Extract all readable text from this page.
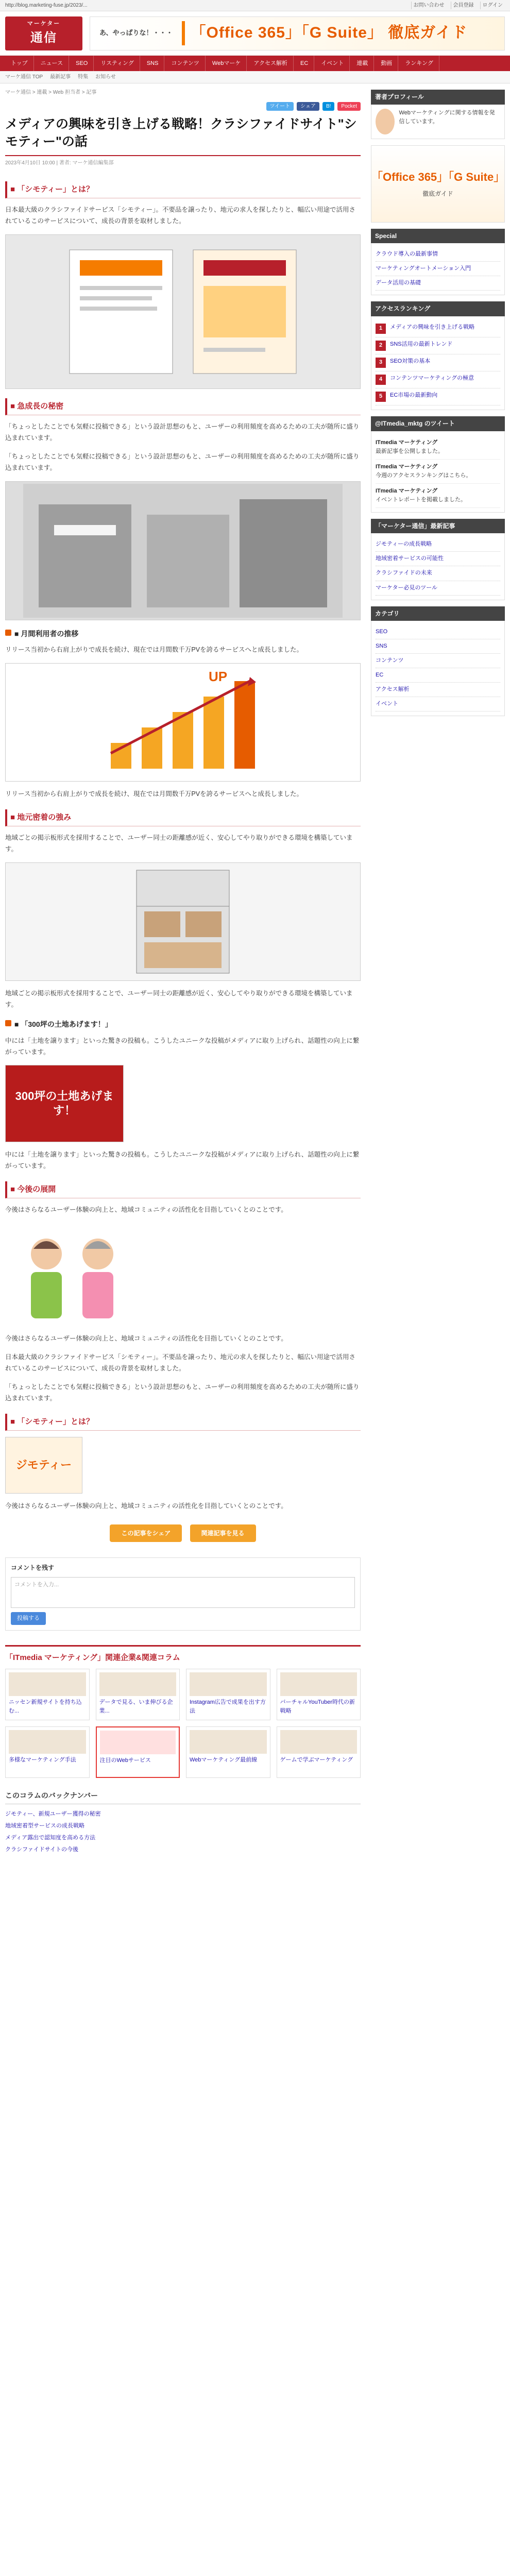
http://blog.marketing-fuse.jp/2023/...	お問い合わせ	会員登録	ログイン
マーケター
通信	あ、やっぱりな！・・・	「Office 365」「G Suite」 徹底ガイド
トップ	ニュース	SEO	リスティング	SNS	コンテンツ	Webマーケ	アクセス解析	EC	イベント	連載	動画	ランキング
マーケ通信 TOP 最新記事 特集 お知らせ
マーケ通信 > 連載 > Web 担当者 > 記事
ツイート	シェア	B!	Pocket
メディアの興味を引き上げる戦略！クラシファイドサイト"シモティー"の話
2023年4月10日 10:00 | 著者: マーケ通信編集部
■ 「シモティー」とは？

日本最大級のクラシファイドサービス「シモティー」。不要品を譲ったり、地元の求人を探したりと、幅広い用途で活用されているこのサービスについて、成長の背景を取材しました。

■ 急成長の秘密

「ちょっとしたことでも気軽に投稿できる」という設計思想のもと、ユーザーの利用頻度を高めるための工夫が随所に盛り込まれています。

「ちょっとしたことでも気軽に投稿できる」という設計思想のもと、ユーザーの利用頻度を高めるための工夫が随所に盛り込まれています。

■ 月間利用者の推移

リリース当初から右肩上がりで成長を続け、現在では月間数千万PVを誇るサービスへと成長しました。

UP

リリース当初から右肩上がりで成長を続け、現在では月間数千万PVを誇るサービスへと成長しました。

■ 地元密着の強み

地域ごとの掲示板形式を採用することで、ユーザー同士の距離感が近く、安心してやり取りができる環境を構築しています。

地域ごとの掲示板形式を採用することで、ユーザー同士の距離感が近く、安心してやり取りができる環境を構築しています。

■ 「300坪の土地あげます！」

中には「土地を譲ります」といった驚きの投稿も。こうしたユニークな投稿がメディアに取り上げられ、話題性の向上に繋がっています。

300坪の土地あげます！

中には「土地を譲ります」といった驚きの投稿も。こうしたユニークな投稿がメディアに取り上げられ、話題性の向上に繋がっています。

■ 今後の展開

今後はさらなるユーザー体験の向上と、地域コミュニティの活性化を目指していくとのことです。

今後はさらなるユーザー体験の向上と、地域コミュニティの活性化を目指していくとのことです。

日本最大級のクラシファイドサービス「シモティー」。不要品を譲ったり、地元の求人を探したりと、幅広い用途で活用されているこのサービスについて、成長の背景を取材しました。

「ちょっとしたことでも気軽に投稿できる」という設計思想のもと、ユーザーの利用頻度を高めるための工夫が随所に盛り込まれています。

■ 「シモティー」とは？
ジモティー

今後はさらなるユーザー体験の向上と、地域コミュニティの活性化を目指していくとのことです。

この記事をシェア	関連記事を見る
コメントを残す
コメントを入力...
投稿する
「ITmedia マーケティング」関連企業&関連コラム
ニッセン新規サイトを持ち込む...
データで見る、いま伸びる企業...
Instagram広告で成果を出す方法
バーチャルYouTuber時代の新戦略
多様なマーケティング手法	注目のWebサービス	Webマーケティング最前線	ゲームで学ぶマーケティング
このコラムのバックナンバー
ジモティー、新規ユーザー獲得の秘密
地域密着型サービスの成長戦略
メディア露出で認知度を高める方法
クラシファイドサイトの今後
著者プロフィール
Webマーケティングに関する情報を発信しています。
「Office 365」「G Suite」
徹底ガイド
Special
クラウド導入の最新事情
マーケティングオートメーション入門
データ活用の基礎
アクセスランキング
1	メディアの興味を引き上げる戦略
2	SNS活用の最新トレンド
3	SEO対策の基本
4	コンテンツマーケティングの極意
5	EC市場の最新動向
@ITmedia_mktg のツイート
ITmedia マーケティング
最新記事を公開しました。
ITmedia マーケティング
今週のアクセスランキングはこちら。
ITmedia マーケティング
イベントレポートを掲載しました。
「マーケター通信」最新記事
ジモティーの成長戦略
地域密着サービスの可能性
クラシファイドの未来
マーケター必見のツール
カテゴリ
SEO
SNS
コンテンツ
EC
アクセス解析
イベント
